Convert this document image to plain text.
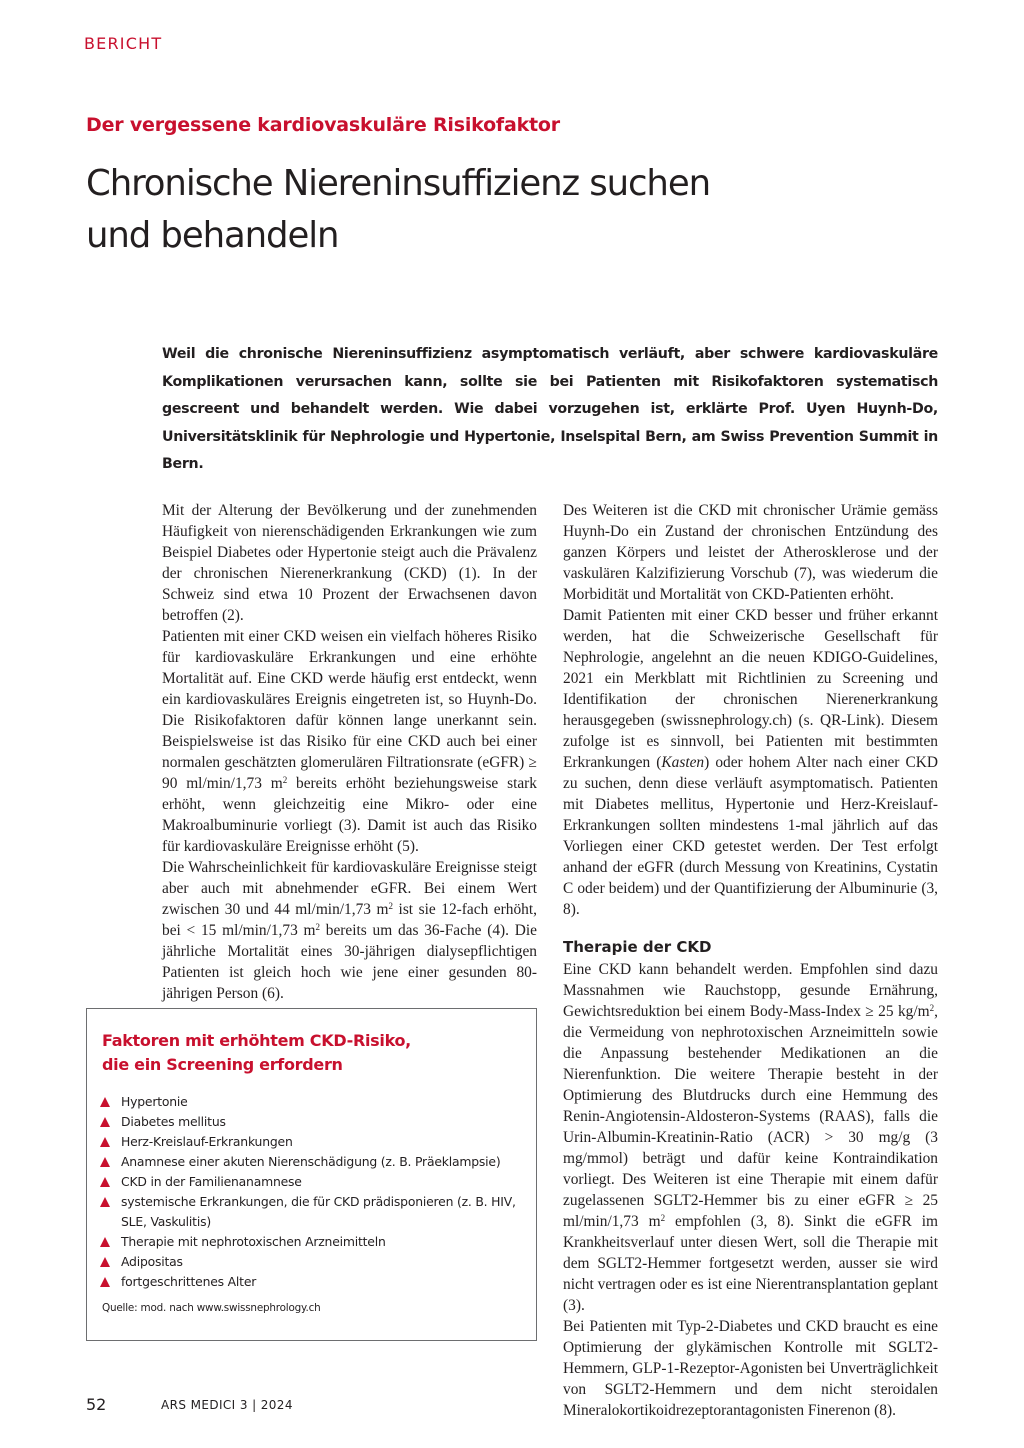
BERICHT
Der vergessene kardiovaskuläre Risikofaktor
Chronische Niereninsuffizienz suchen
und behandeln

Weil die chronische Niereninsuffizienz asymptomatisch verläuft, aber schwere kardiovaskuläre Komplikationen verursachen kann, sollte sie bei Patienten mit Risikofaktoren systematisch gescreent und behandelt werden. Wie dabei vorzugehen ist, erklärte Prof. Uyen Huynh-Do, Universitätsklinik für Nephrologie und Hypertonie, Inselspital Bern, am Swiss Prevention Summit in Bern.

Mit der Alterung der Bevölkerung und der zunehmenden Häufigkeit von nierenschädigenden Erkrankungen wie zum Beispiel Diabetes oder Hypertonie steigt auch die Prävalenz der chronischen Nierenerkrankung (CKD) (1). In der Schweiz sind etwa 10 Prozent der Erwachsenen davon betroffen (2).

Patienten mit einer CKD weisen ein vielfach höheres Risiko für kardiovaskuläre Erkrankungen und eine erhöhte Mortalität auf. Eine CKD werde häufig erst entdeckt, wenn ein kardiovaskuläres Ereignis eingetreten ist, so Huynh-Do. Die Risikofaktoren dafür können lange unerkannt sein. Beispielsweise ist das Risiko für eine CKD auch bei einer normalen geschätzten glomerulären Filtrationsrate (eGFR) ≥ 90 ml/min/1,73 $m^2$ bereits erhöht beziehungsweise stark erhöht, wenn gleichzeitig eine Mikro- oder eine Makroalbuminurie vorliegt (3). Damit ist auch das Risiko für kardiovaskuläre Ereignisse erhöht (5).

Die Wahrscheinlichkeit für kardiovaskuläre Ereignisse steigt aber auch mit abnehmender eGFR. Bei einem Wert zwischen 30 und 44 ml/min/1,73 $m^2$ ist sie 12-fach erhöht, bei < 15 ml/min/1,73 $m^2$ bereits um das 36-Fache (4). Die jährliche Mortalität eines 30-jährigen dialysepflichtigen Patienten ist gleich hoch wie jene einer gesunden 80-jährigen Person (6).

Des Weiteren ist die CKD mit chronischer Urämie gemäss Huynh-Do ein Zustand der chronischen Entzündung des ganzen Körpers und leistet der Atherosklerose und der vaskulären Kalzifizierung Vorschub (7), was wiederum die Morbidität und Mortalität von CKD-Patienten erhöht.

Damit Patienten mit einer CKD besser und früher erkannt werden, hat die Schweizerische Gesellschaft für Nephrologie, angelehnt an die neuen KDIGO-Guidelines, 2021 ein Merkblatt mit Richtlinien zu Screening und Identifikation der chronischen Nierenerkrankung herausgegeben (swissnephrology.ch) (s. QR-Link). Diesem zufolge ist es sinnvoll, bei Patienten mit bestimmten Erkrankungen (Kasten) oder hohem Alter nach einer CKD zu suchen, denn diese verläuft asymptomatisch. Patienten mit Diabetes mellitus, Hypertonie und Herz-Kreislauf-Erkrankungen sollten mindestens 1-mal jährlich auf das Vorliegen einer CKD getestet werden. Der Test erfolgt anhand der eGFR (durch Messung von Kreatinins, Cystatin C oder beidem) und der Quantifizierung der Albuminurie (3, 8).

Therapie der CKD

Eine CKD kann behandelt werden. Empfohlen sind dazu Massnahmen wie Rauchstopp, gesunde Ernährung, Gewichtsreduktion bei einem Body-Mass-Index ≥ 25 $kg/m^2$, die Vermeidung von nephrotoxischen Arzneimitteln sowie die Anpassung bestehender Medikationen an die Nierenfunktion. Die weitere Therapie besteht in der Optimierung des Blutdrucks durch eine Hemmung des Renin-Angiotensin-Aldosteron-Systems (RAAS), falls die Urin-Albumin-Kreatinin-Ratio (ACR) > 30 mg/g (3 mg/mmol) beträgt und dafür keine Kontraindikation vorliegt. Des Weiteren ist eine Therapie mit einem dafür zugelassenen SGLT2-Hemmer bis zu einer eGFR ≥ 25 ml/min/1,73 $m^2$ empfohlen (3, 8). Sinkt die eGFR im Krankheitsverlauf unter diesen Wert, soll die Therapie mit dem SGLT2-Hemmer fortgesetzt werden, ausser sie wird nicht vertragen oder es ist eine Nierentransplantation geplant (3).

Bei Patienten mit Typ-2-Diabetes und CKD braucht es eine Optimierung der glykämischen Kontrolle mit SGLT2-Hemmern, GLP-1-Rezeptor-Agonisten bei Unverträglichkeit von SGLT2-Hemmern und dem nicht steroidalen Mineralokortikoidrezeptorantagonisten Finerenon (8).

Faktoren mit erhöhtem CKD-Risiko,
die ein Screening erfordern
Hypertonie
Diabetes mellitus
Herz-Kreislauf-Erkrankungen
Anamnese einer akuten Nierenschädigung (z. B. Präeklampsie)
CKD in der Familienanamnese
systemische Erkrankungen, die für CKD prädisponieren (z. B. HIV, SLE, Vaskulitis)
Therapie mit nephrotoxischen Arzneimitteln
Adipositas
fortgeschrittenes Alter
Quelle: mod. nach www.swissnephrology.ch
52	ARS MEDICI 3 | 2024
